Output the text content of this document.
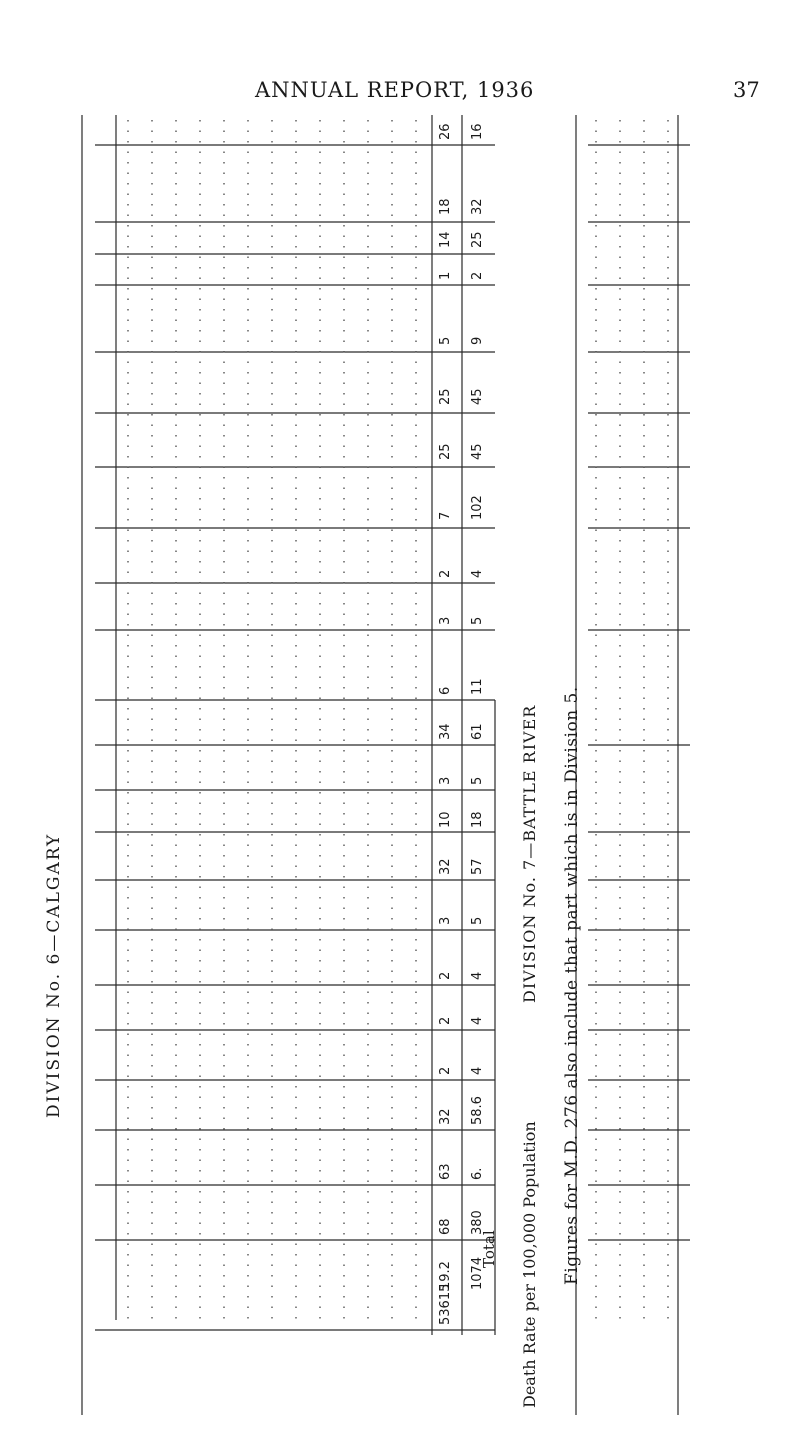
ANNUAL REPORT, 1936	37
DIVISION No. 6—CALGARY	DIVISION No. 7—BATTLE RIVER Figures for M.D. 276 also include that part which is in Division 5.
Death Rate per 100,000 Population
Total
26 16
18 32
14 25
1 2
5 9
25 45
25 45
7 102
2 4
3 5
6 11
34 61
3 5
10 18
32 57
3 5
2 4
2 4
2 4
32 58.6
63 6.
68 380
19.2 1074
53615
